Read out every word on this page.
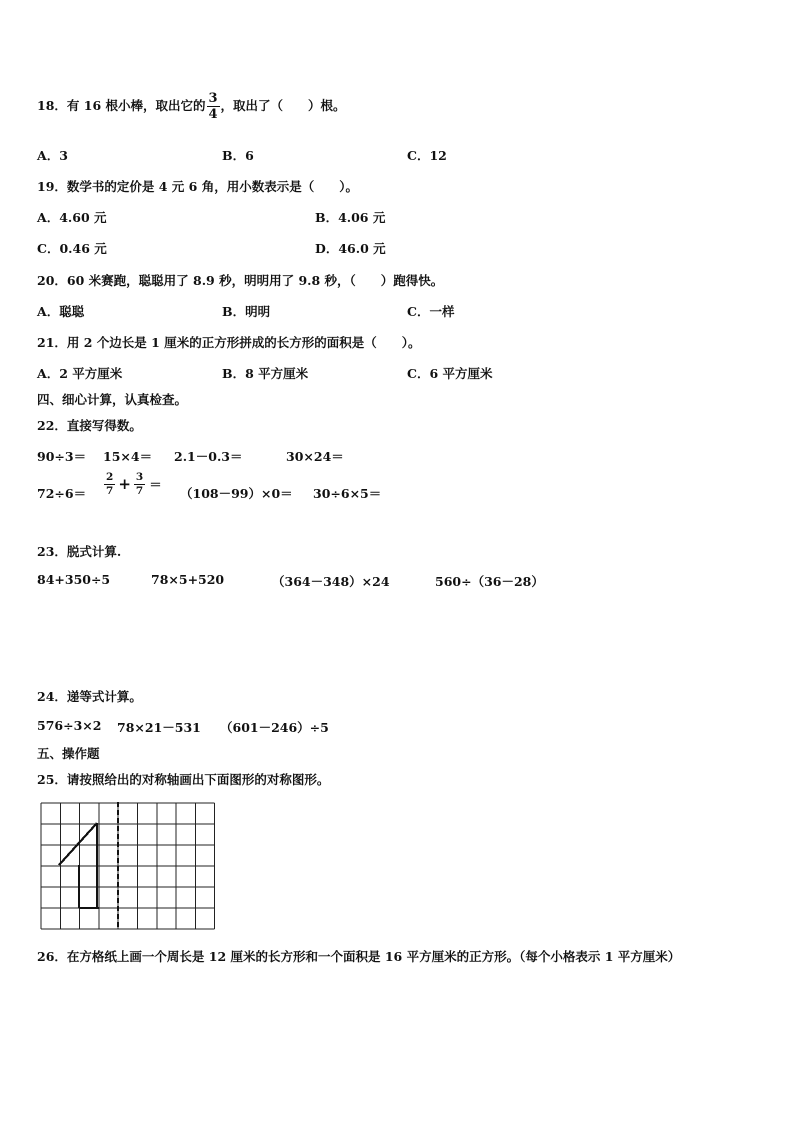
18．有 16 根小棒，取出它的 $\frac{3}{4}$ ，取出了（　　）根。
A．3	B．6	C．12
19．数学书的定价是 4 元 6 角，用小数表示是（　　）。
A．4.60 元	B．4.06 元
C．0.46 元	D．46.0 元
20．60 米赛跑，聪聪用了 8.9 秒，明明用了 9.8 秒，（　　）跑得快。
A．聪聪	B．明明	C．一样
21．用 2 个边长是 1 厘米的正方形拼成的长方形的面积是（　　）。
A．2 平方厘米	B．8 平方厘米	C．6 平方厘米
四、细心计算，认真检查。
22．直接写得数。
90÷3＝ 15×4＝ 2.1－0.3＝	30×24＝
$72\div 6= \frac{2}{7} + \frac{3}{7}$ ＝
（108－99）×0＝ 30÷6×5＝
23．脱式计算.
84+350÷5	78×5+520	（364－348）×24	560÷（36－28）
24．递等式计算。
576÷3×2 78×21－531 （601－246）÷5
五、操作题
25．请按照给出的对称轴画出下面图形的对称图形。
26．在方格纸上画一个周长是 12 厘米的长方形和一个面积是 16 平方厘米的正方形。（每个小格表示 1 平方厘米）
